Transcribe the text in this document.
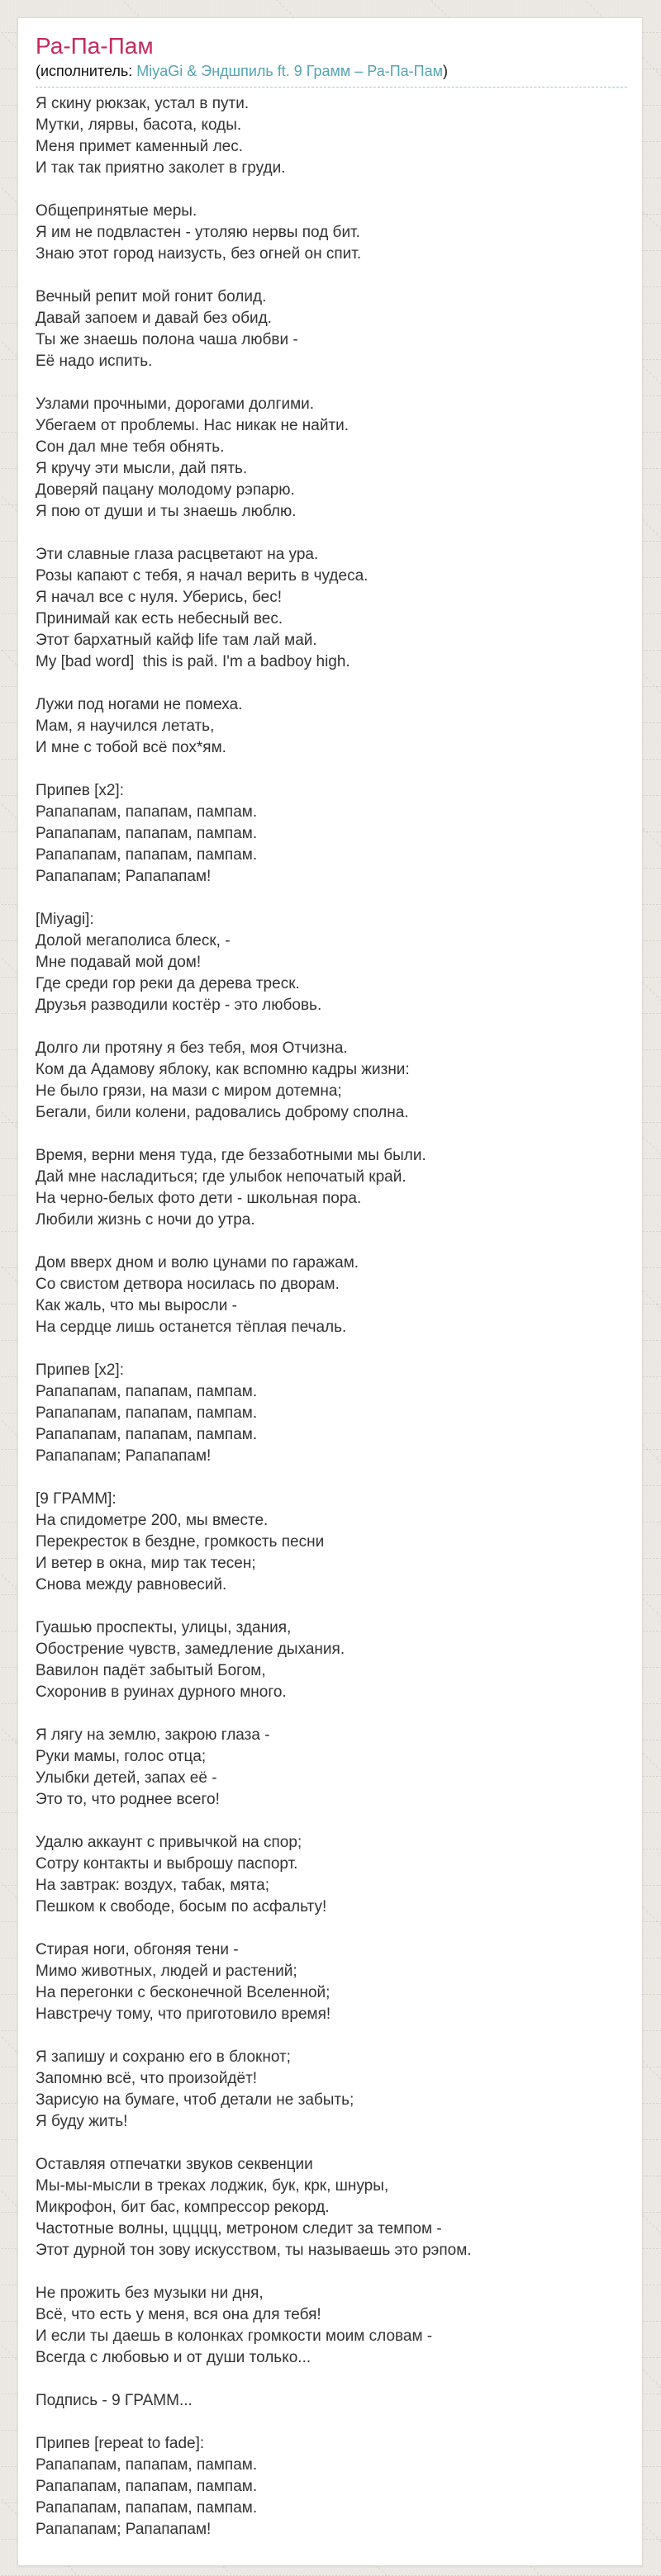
Ра-Па-Пам
(исполнитель: MiyaGi & Эндшпиль ft. 9 Грамм – Ра-Па-Пам)
Я скину рюкзак, устал в пути.
Мутки, лярвы, басота, коды.
Меня примет каменный лес.
И так так приятно заколет в груди.
Общепринятые меры.
Я им не подвластен - утоляю нервы под бит.
Знаю этот город наизусть, без огней он спит.
Вечный репит мой гонит болид.
Давай запоем и давай без обид.
Ты же знаешь полона чаша любви -
Её надо испить.
Узлами прочными, дорогами долгими.
Убегаем от проблемы. Нас никак не найти.
Сон дал мне тебя обнять.
Я кручу эти мысли, дай пять.
Доверяй пацану молодому рэпарю.
Я пою от души и ты знаешь люблю.
Эти славные глаза расцветают на ура.
Розы капают с тебя, я начал верить в чудеса.
Я начал все с нуля. Уберись, бес!
Принимай как есть небесный вес.
Этот бархатный кайф life там лай май.
My [bad word]  this is рай. I'm a badboy high.
Лужи под ногами не помеха.
Мам, я научился летать,
И мне с тобой всё пох*ям.
Припев [x2]:
Рапапапам, папапам, пампам.
Рапапапам, папапам, пампам.
Рапапапам, папапам, пампам.
Рапапапам; Рапапапам!
[Miyagi]:
Долой мегаполиса блеск, -
Мне подавай мой дом!
Где среди гор реки да дерева треск.
Друзья разводили костёр - это любовь.
Долго ли протяну я без тебя, моя Отчизна.
Ком да Адамову яблоку, как вспомню кадры жизни:
Не было грязи, на мази с миром дотемна;
Бегали, били колени, радовались доброму сполна.
Время, верни меня туда, где беззаботными мы были.
Дай мне насладиться; где улыбок непочатый край.
На черно-белых фото дети - школьная пора.
Любили жизнь с ночи до утра.
Дом вверх дном и волю цунами по гаражам.
Со свистом детвора носилась по дворам.
Как жаль, что мы выросли -
На сердце лишь останется тёплая печаль.
Припев [x2]:
Рапапапам, папапам, пампам.
Рапапапам, папапам, пампам.
Рапапапам, папапам, пампам.
Рапапапам; Рапапапам!
[9 ГРАММ]:
На спидометре 200, мы вместе.
Перекресток в бездне, громкость песни
И ветер в окна, мир так тесен;
Снова между равновесий.
Гуашью проспекты, улицы, здания,
Обострение чувств, замедление дыхания.
Вавилон падёт забытый Богом,
Схоронив в руинах дурного много.
Я лягу на землю, закрою глаза -
Руки мамы, голос отца;
Улыбки детей, запах её -
Это то, что роднее всего!
Удалю аккаунт с привычкой на спор;
Сотру контакты и выброшу паспорт.
На завтрак: воздух, табак, мята;
Пешком к свободе, босым по асфальту!
Стирая ноги, обгоняя тени -
Мимо животных, людей и растений;
На перегонки с бесконечной Вселенной;
Навстречу тому, что приготовило время!
Я запишу и сохраню его в блокнот;
Запомню всё, что произойдёт!
Зарисую на бумаге, чтоб детали не забыть;
Я буду жить!
Оставляя отпечатки звуков секвенции
Мы-мы-мысли в треках лоджик, бук, крк, шнуры,
Микрофон, бит бас, компрессор рекорд.
Частотные волны, ццццц, метроном следит за темпом -
Этот дурной тон зову искусством, ты называешь это рэпом.
Не прожить без музыки ни дня,
Всё, что есть у меня, вся она для тебя!
И если ты даешь в колонках громкости моим словам -
Всегда с любовью и от души только...
Подпись - 9 ГРАММ...
Припев [repeat to fade]:
Рапапапам, папапам, пампам.
Рапапапам, папапам, пампам.
Рапапапам, папапам, пампам.
Рапапапам; Рапапапам!
